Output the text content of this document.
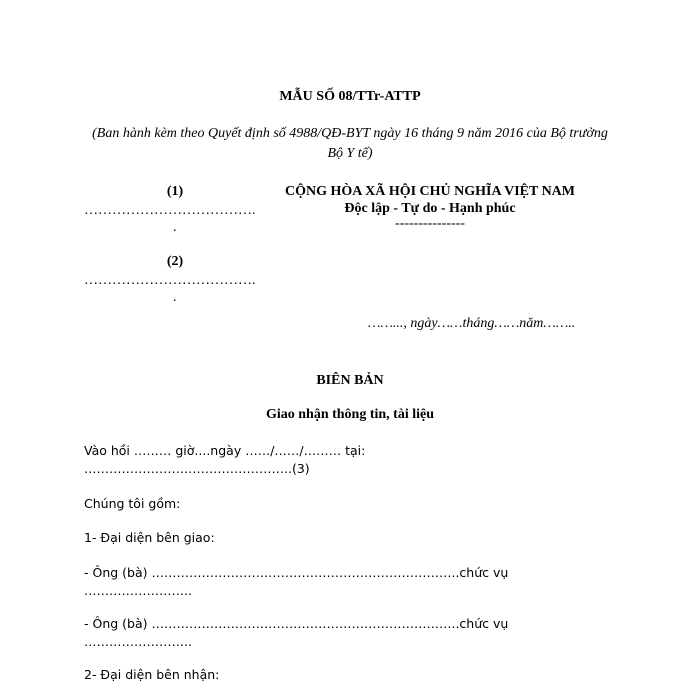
MẪU SỐ 08/TTr-ATTP
(Ban hành kèm theo Quyết định số 4988/QĐ-BYT ngày 16 tháng 9 năm 2016 của Bộ trưởng Bộ Y tế)
(1)
……………………………….
.
(2)
……………………………….
.
CỘNG HÒA XÃ HỘI CHỦ NGHĨA VIỆT NAM
Độc lập - Tự do - Hạnh phúc
---------------
……..., ngày……tháng……năm……..
BIÊN BẢN
Giao nhận thông tin, tài liệu
Vào hồi ……… giờ....ngày ……/……/……… tại:
…………………………………………..(3)
Chúng tôi gồm:
1- Đại diện bên giao:
- Ông (bà) ………………………………………………………………..chức vụ
……………………..
- Ông (bà) ………………………………………………………………..chức vụ
……………………..
2- Đại diện bên nhận:
